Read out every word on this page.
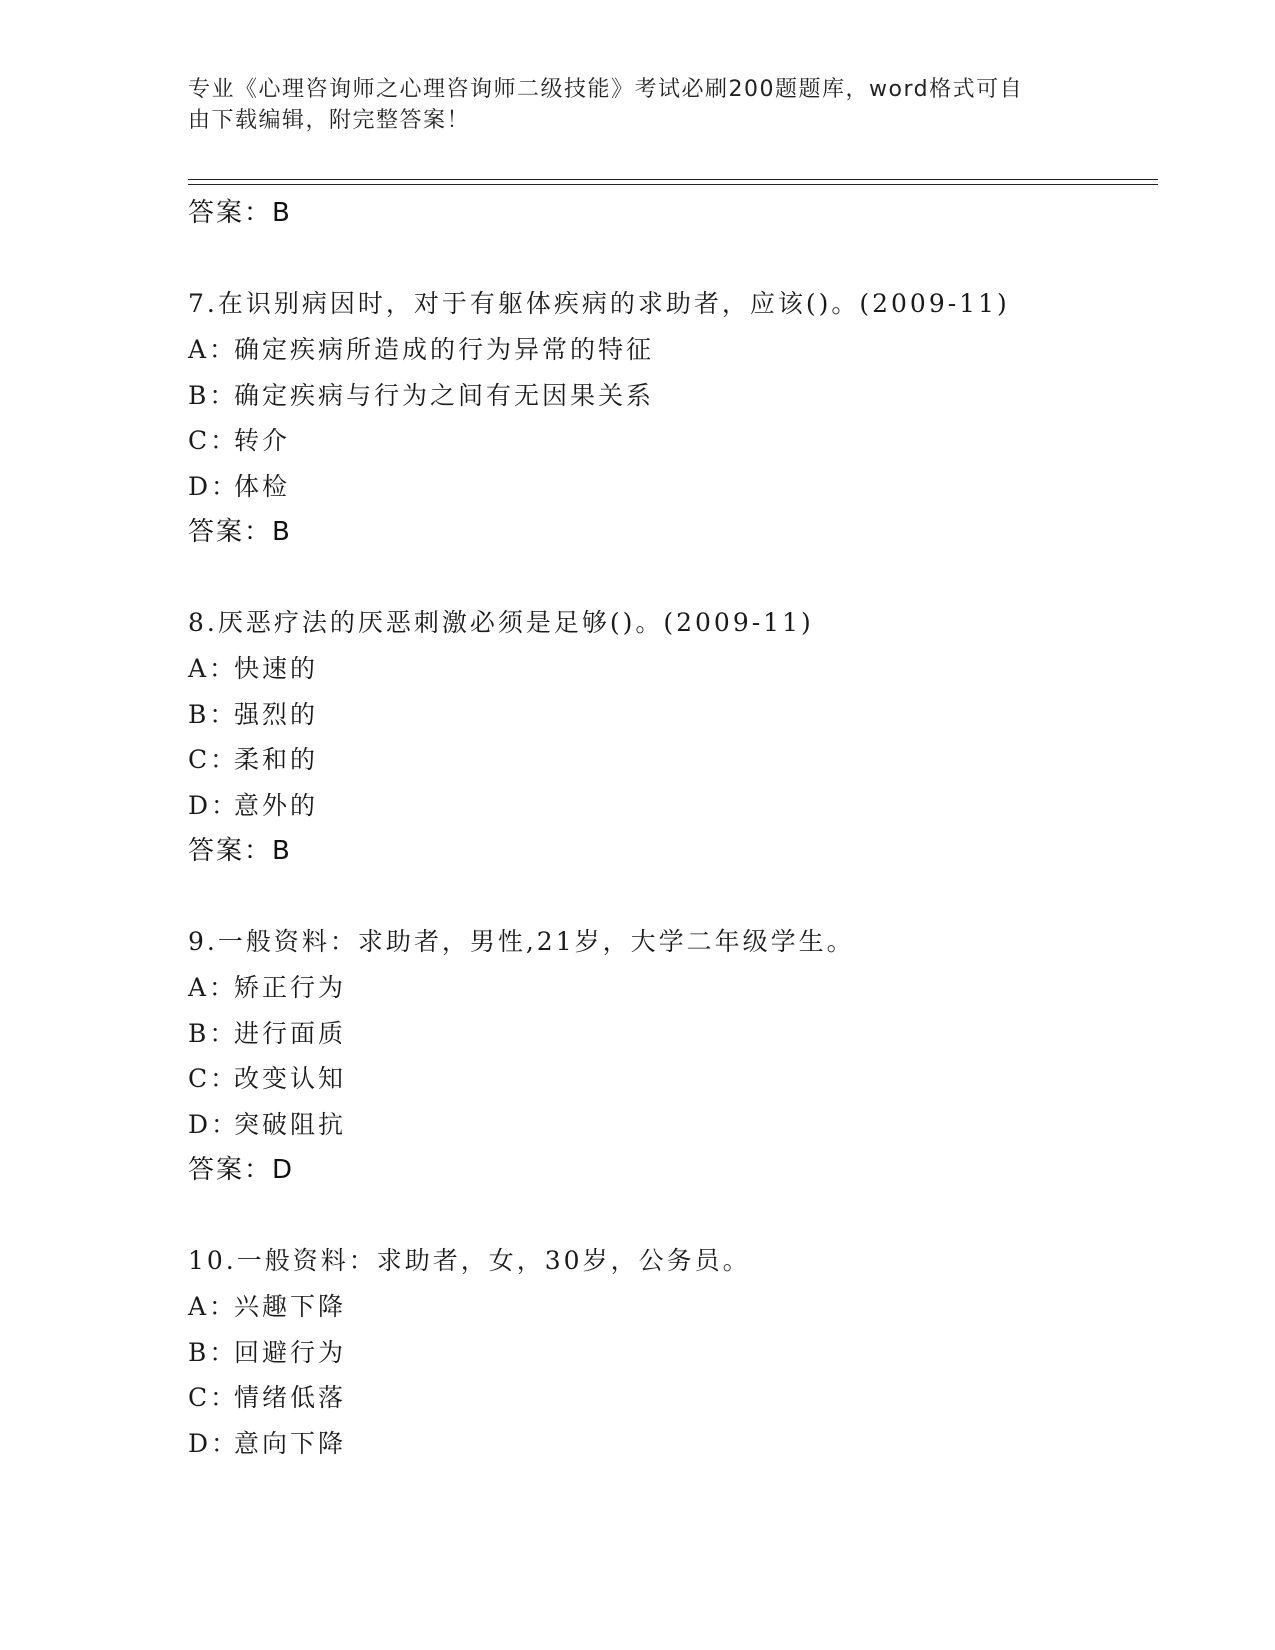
专业《心理咨询师之心理咨询师二级技能》考试必刷200题题库，word格式可自
由下载编辑，附完整答案！
答案：B
7.在识别病因时，对于有躯体疾病的求助者，应该()。(2009-11)
A：确定疾病所造成的行为异常的特征
B：确定疾病与行为之间有无因果关系
C：转介
D：体检
答案：B
8.厌恶疗法的厌恶刺激必须是足够()。(2009-11)
A：快速的
B：强烈的
C：柔和的
D：意外的
答案：B
9.一般资料：求助者，男性,21岁，大学二年级学生。
A：矫正行为
B：进行面质
C：改变认知
D：突破阻抗
答案：D
10.一般资料：求助者，女，30岁，公务员。
A：兴趣下降
B：回避行为
C：情绪低落
D：意向下降
